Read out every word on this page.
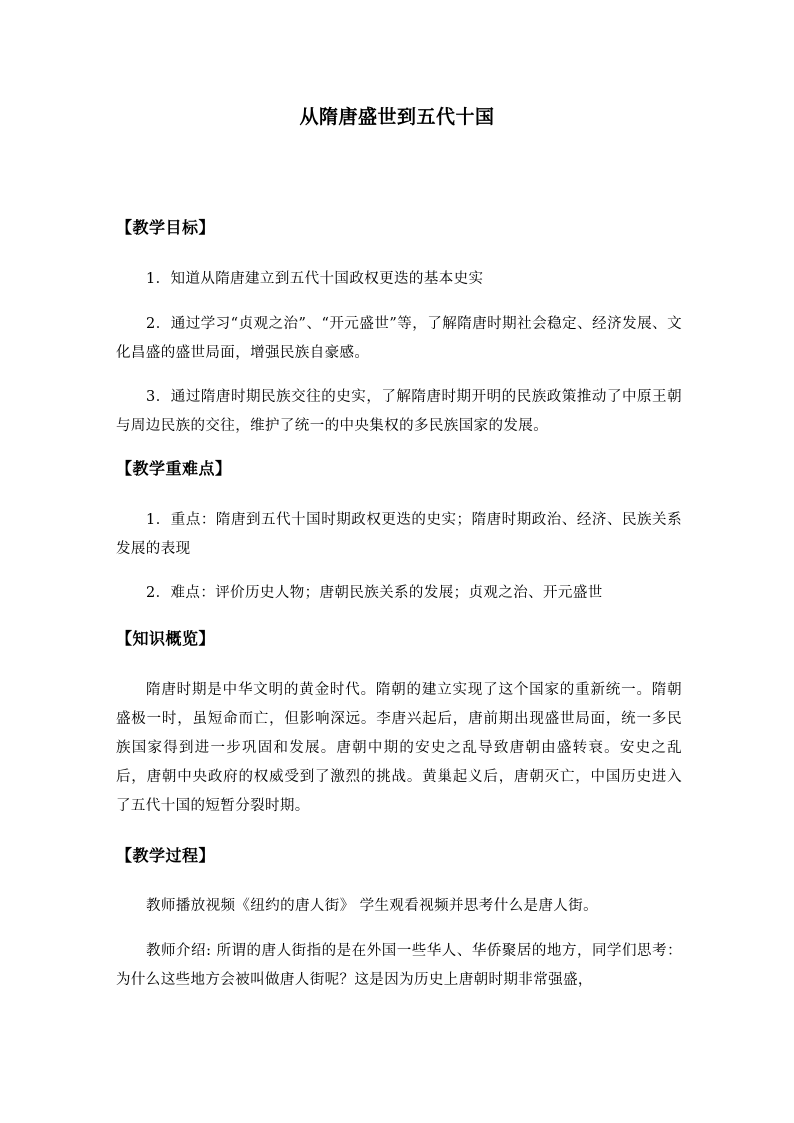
从隋唐盛世到五代十国
【教学目标】

1．知道从隋唐建立到五代十国政权更迭的基本史实

2．通过学习“贞观之治”、“开元盛世”等，了解隋唐时期社会稳定、经济发展、文化昌盛的盛世局面，增强民族自豪感。

3．通过隋唐时期民族交往的史实，了解隋唐时期开明的民族政策推动了中原王朝与周边民族的交往，维护了统一的中央集权的多民族国家的发展。

【教学重难点】

1．重点：隋唐到五代十国时期政权更迭的史实；隋唐时期政治、经济、民族关系发展的表现

2．难点：评价历史人物；唐朝民族关系的发展；贞观之治、开元盛世

【知识概览】

隋唐时期是中华文明的黄金时代。隋朝的建立实现了这个国家的重新统一。隋朝盛极一时，虽短命而亡，但影响深远。李唐兴起后，唐前期出现盛世局面，统一多民族国家得到进一步巩固和发展。唐朝中期的安史之乱导致唐朝由盛转衰。安史之乱后，唐朝中央政府的权威受到了激烈的挑战。黄巢起义后，唐朝灭亡，中国历史进入了五代十国的短暂分裂时期。

【教学过程】

教师播放视频《纽约的唐人街》 学生观看视频并思考什么是唐人街。

教师介绍: 所谓的唐人街指的是在外国一些华人、华侨聚居的地方，同学们思考：为什么这些地方会被叫做唐人街呢？这是因为历史上唐朝时期非常强盛，
